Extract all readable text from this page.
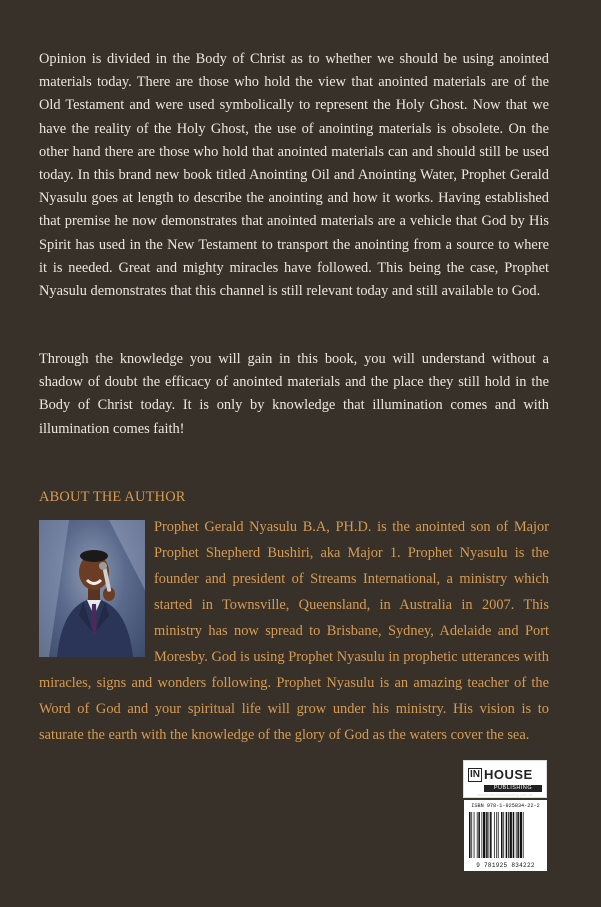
Opinion is divided in the Body of Christ as to whether we should be using anointed materials today. There are those who hold the view that anointed materials are of the Old Testament and were used symbolically to represent the Holy Ghost. Now that we have the reality of the Holy Ghost, the use of anointing materials is obsolete. On the other hand there are those who hold that anointed materials can and should still be used today. In this brand new book titled Anointing Oil and Anointing Water, Prophet Gerald Nyasulu goes at length to describe the anointing and how it works. Having established that premise he now demonstrates that anointed materials are a vehicle that God by His Spirit has used in the New Testament to transport the anointing from a source to where it is needed. Great and mighty miracles have followed. This being the case, Prophet Nyasulu demonstrates that this channel is still relevant today and still available to God.

Through the knowledge you will gain in this book, you will understand without a shadow of doubt the efficacy of anointed materials and the place they still hold in the Body of Christ today. It is only by knowledge that illumination comes and with illumination comes faith!

ABOUT THE AUTHOR

Prophet Gerald Nyasulu B.A, PH.D. is the anointed son of Major Prophet Shepherd Bushiri, aka Major 1. Prophet Nyasulu is the founder and president of Streams International, a ministry which started in Townsville, Queensland, in Australia in 2007. This ministry has now spread to Brisbane, Sydney, Adelaide and Port Moresby. God is using Prophet Nyasulu in prophetic utterances with miracles, signs and wonders following. Prophet Nyasulu is an amazing teacher of the Word of God and your spiritual life will grow under his ministry. His vision is to saturate the earth with the knowledge of the glory of God as the waters cover the sea.

IN HOUSE
PUBLISHING
www.inhousepublishing.com.au
ISBN 978-1-925834-22-2
9 781925 834222
